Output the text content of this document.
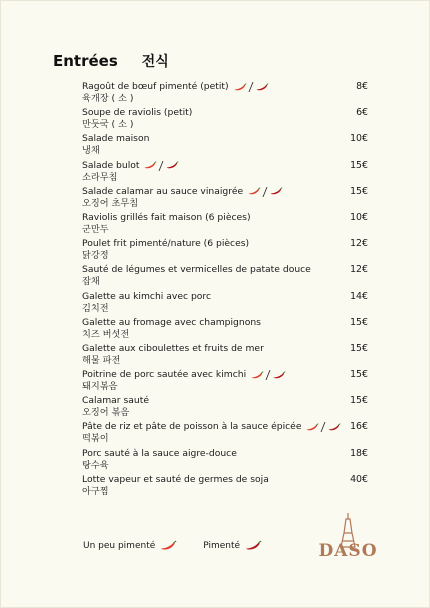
Entrées 전식
Ragoût de bœuf pimenté (petit)
육개장 ( 소 )
8€
Soupe de raviolis (petit)
만둣국 ( 소 )
6€
Salade maison
냉채
10€
Salade bulot
소라무침
15€
Salade calamar au sauce vinaigrée
오징어 초무침
15€
Raviolis grillés fait maison (6 pièces)
군만두
10€
Poulet frit pimenté/nature (6 pièces)
닭강정
12€
Sauté de légumes et vermicelles de patate douce
잡채
12€
Galette au kimchi avec porc
김치전
14€
Galette au fromage avec champignons
치즈 버섯전
15€
Galette aux ciboulettes et fruits de mer
해물 파전
15€
Poitrine de porc sautée avec kimchi
돼지볶음
15€
Calamar sauté
오징어 볶음
15€
Pâte de riz et pâte de poisson à la sauce épicée
떡볶이
16€
Porc sauté à la sauce aigre-douce
탕수육
18€
Lotte vapeur et sauté de germes de soja
아구찜
40€
Un peu pimenté	Pimenté	DASO
